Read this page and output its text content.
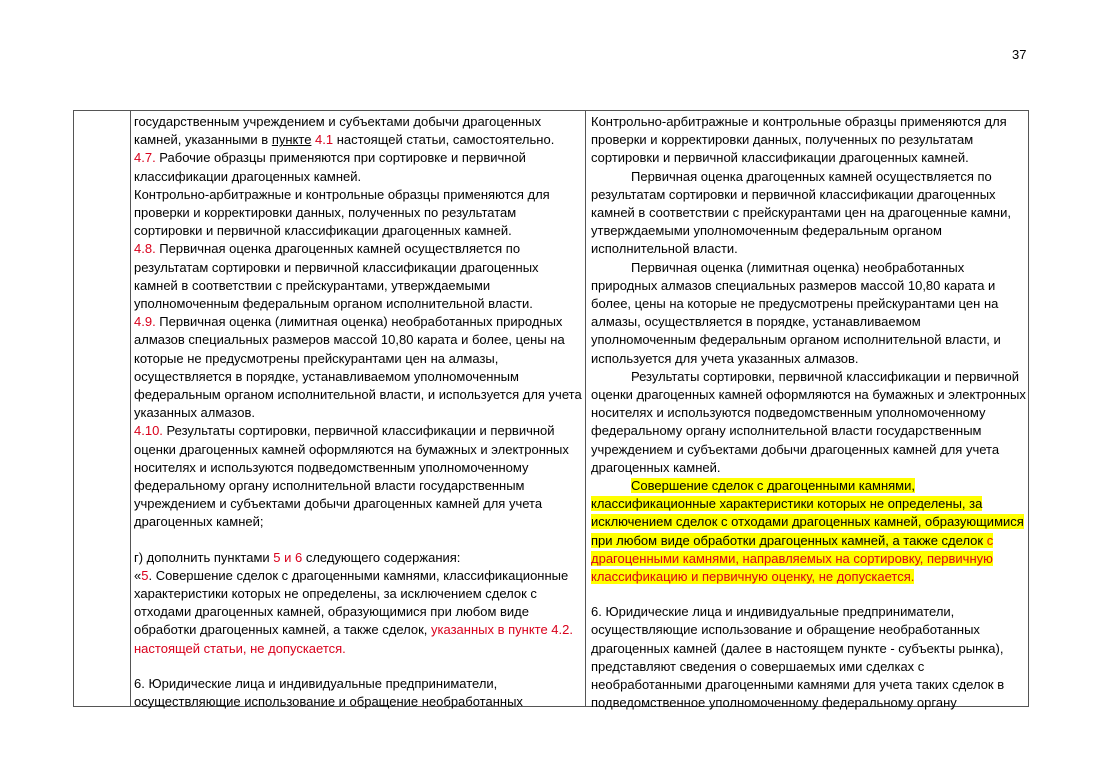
37

государственным учреждением и субъектами добычи драгоценных камней, указанными в пункте 4.1 настоящей статьи, самостоятельно.

4.7. Рабочие образцы применяются при сортировке и первичной классификации драгоценных камней.

Контрольно-арбитражные и контрольные образцы применяются для проверки и корректировки данных, полученных по результатам сортировки и первичной классификации драгоценных камней.

4.8. Первичная оценка драгоценных камней осуществляется по результатам сортировки и первичной классификации драгоценных камней в соответствии с прейскурантами, утверждаемыми уполномоченным федеральным органом исполнительной власти.

4.9. Первичная оценка (лимитная оценка) необработанных природных алмазов специальных размеров массой 10,80 карата и более, цены на которые не предусмотрены прейскурантами цен на алмазы, осуществляется в порядке, устанавливаемом уполномоченным федеральным органом исполнительной власти, и используется для учета указанных алмазов.

4.10. Результаты сортировки, первичной классификации и первичной оценки драгоценных камней оформляются на бумажных и электронных носителях и используются подведомственным уполномоченному федеральному органу исполнительной власти государственным учреждением и субъектами добычи драгоценных камней для учета драгоценных камней;

г) дополнить пунктами 5 и 6 следующего содержания:

«5. Совершение сделок с драгоценными камнями, классификационные характеристики которых не определены, за исключением сделок с отходами драгоценных камней, образующимися при любом виде обработки драгоценных камней, а также сделок, указанных в пункте 4.2. настоящей статьи, не допускается.

6. Юридические лица и индивидуальные предприниматели, осуществляющие использование и обращение необработанных

Контрольно-арбитражные и контрольные образцы применяются для проверки и корректировки данных, полученных по результатам сортировки и первичной классификации драгоценных камней.

Первичная оценка драгоценных камней осуществляется по результатам сортировки и первичной классификации драгоценных камней в соответствии с прейскурантами цен на драгоценные камни, утверждаемыми уполномоченным федеральным органом исполнительной власти.

Первичная оценка (лимитная оценка) необработанных природных алмазов специальных размеров массой 10,80 карата и более, цены на которые не предусмотрены прейскурантами цен на алмазы, осуществляется в порядке, устанавливаемом уполномоченным федеральным органом исполнительной власти, и используется для учета указанных алмазов.

Результаты сортировки, первичной классификации и первичной оценки драгоценных камней оформляются на бумажных и электронных носителях и используются подведомственным уполномоченному федеральному органу исполнительной власти государственным учреждением и субъектами добычи драгоценных камней для учета драгоценных камней.

Совершение сделок с драгоценными камнями, классификационные характеристики которых не определены, за исключением сделок с отходами драгоценных камней, образующимися при любом виде обработки драгоценных камней, а также сделок с драгоценными камнями, направляемых на сортировку, первичную классификацию и первичную оценку, не допускается.

6. Юридические лица и индивидуальные предприниматели, осуществляющие использование и обращение необработанных драгоценных камней (далее в настоящем пункте - субъекты рынка), представляют сведения о совершаемых ими сделках с необработанными драгоценными камнями для учета таких сделок в подведомственное уполномоченному федеральному органу
